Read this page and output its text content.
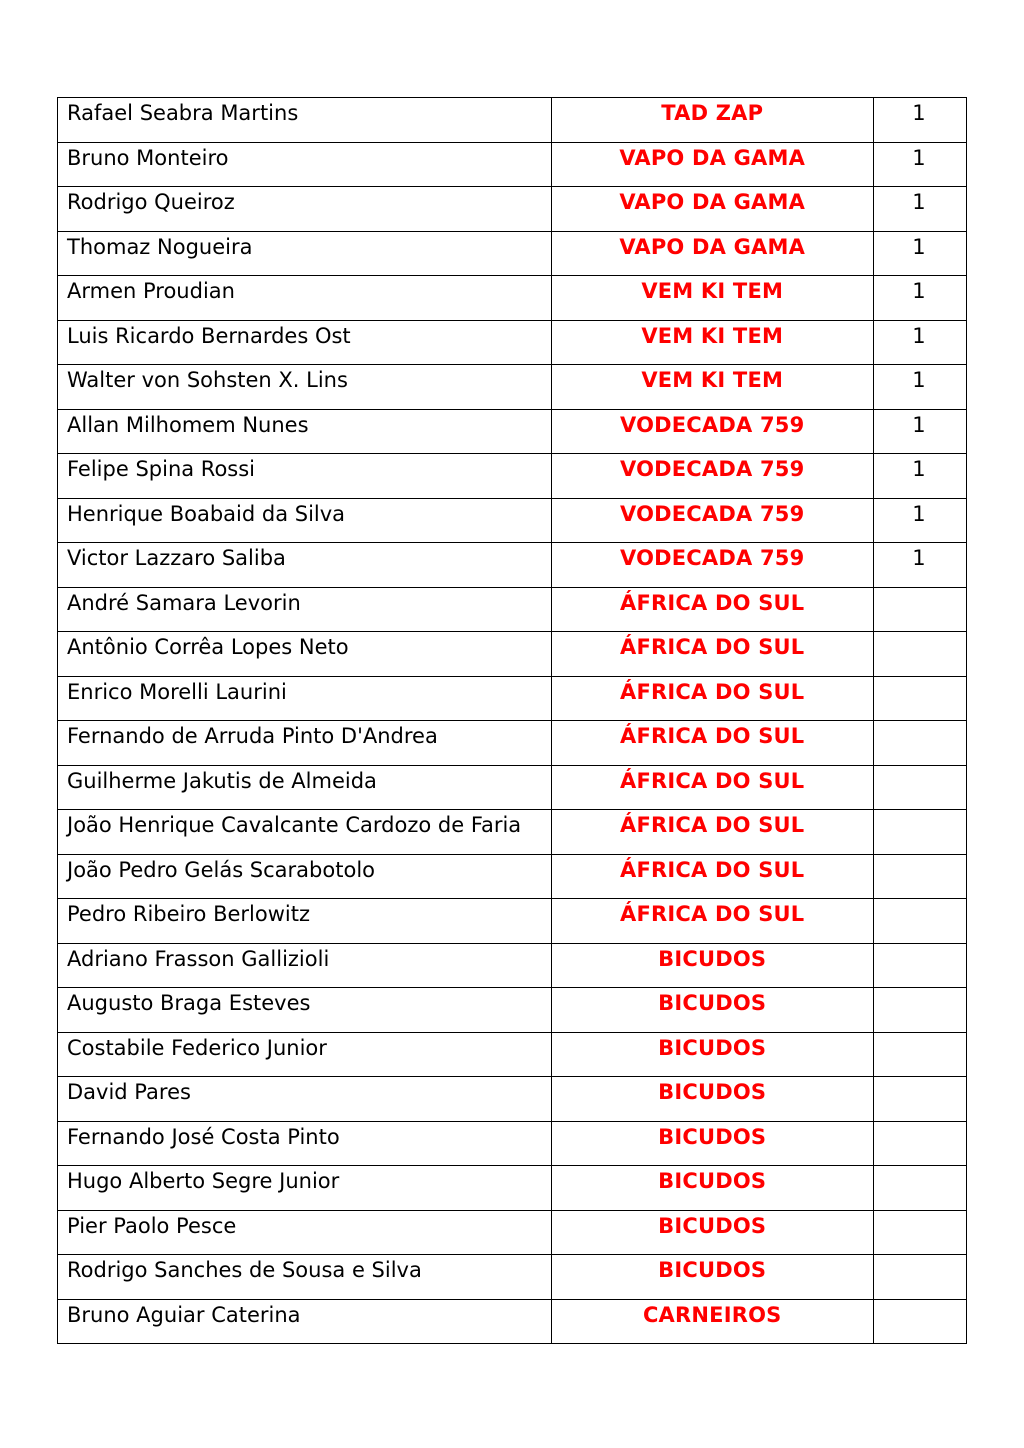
Rafael Seabra Martins	TAD ZAP	1

Bruno Monteiro	VAPO DA GAMA	1

Rodrigo Queiroz	VAPO DA GAMA	1

Thomaz Nogueira	VAPO DA GAMA	1

Armen Proudian	VEM KI TEM	1

Luis Ricardo Bernardes Ost	VEM KI TEM	1

Walter von Sohsten X. Lins	VEM KI TEM	1

Allan Milhomem Nunes	VODECADA 759	1

Felipe Spina Rossi	VODECADA 759	1

Henrique Boabaid da Silva	VODECADA 759	1

Victor Lazzaro Saliba	VODECADA 759	1

André Samara Levorin	ÁFRICA DO SUL	

Antônio Corrêa Lopes Neto	ÁFRICA DO SUL	

Enrico Morelli Laurini	ÁFRICA DO SUL	

Fernando de Arruda Pinto D'Andrea	ÁFRICA DO SUL	

Guilherme Jakutis de Almeida	ÁFRICA DO SUL	

João Henrique Cavalcante Cardozo de Faria	ÁFRICA DO SUL	

João Pedro Gelás Scarabotolo	ÁFRICA DO SUL	

Pedro Ribeiro Berlowitz	ÁFRICA DO SUL	

Adriano Frasson Gallizioli	BICUDOS	

Augusto Braga Esteves	BICUDOS	

Costabile Federico Junior	BICUDOS	

David Pares	BICUDOS	

Fernando José Costa Pinto	BICUDOS	

Hugo Alberto Segre Junior	BICUDOS	

Pier Paolo Pesce	BICUDOS	

Rodrigo Sanches de Sousa e Silva	BICUDOS	

Bruno Aguiar Caterina	CARNEIROS	
